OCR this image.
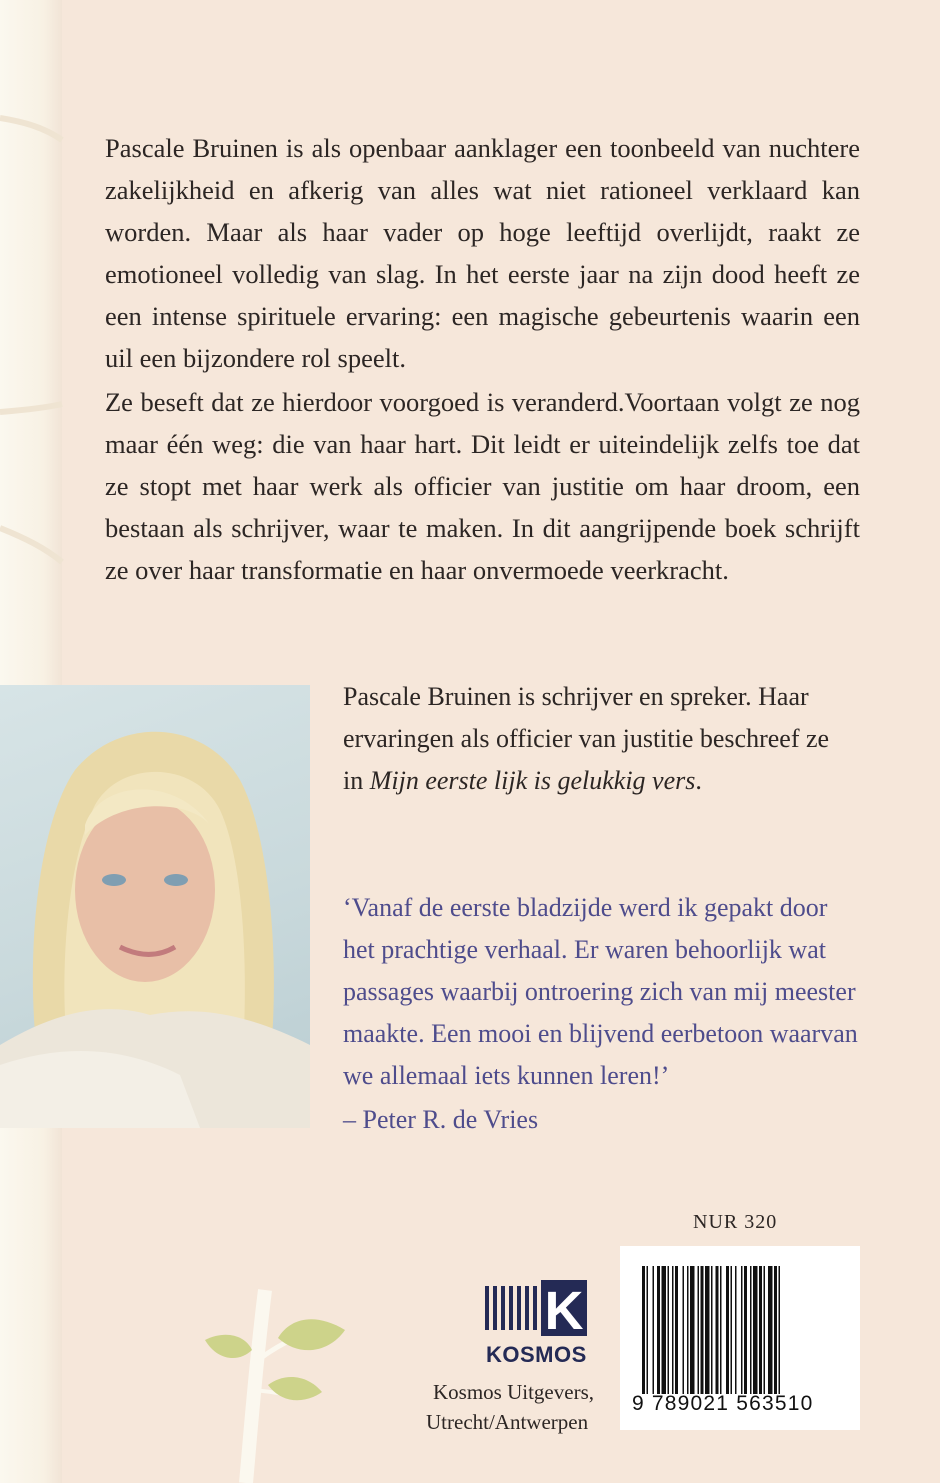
Pascale Bruinen is als openbaar aanklager een toonbeeld van nuchtere zakelijkheid en afkerig van alles wat niet rationeel verklaard kan worden. Maar als haar vader op hoge leeftijd overlijdt, raakt ze emotioneel volledig van slag. In het eerste jaar na zijn dood heeft ze een intense spirituele ervaring: een magische gebeurtenis waarin een uil een bijzondere rol speelt.

Ze beseft dat ze hierdoor voorgoed is veranderd.Voortaan volgt ze nog maar één weg: die van haar hart. Dit leidt er uiteindelijk zelfs toe dat ze stopt met haar werk als officier van justitie om haar droom, een bestaan als schrijver, waar te maken. In dit aangrijpende boek schrijft ze over haar transformatie en haar onvermoede veerkracht.

Pascale Bruinen is schrijver en spreker. Haar ervaringen als officier van justitie beschreef ze in Mijn eerste lijk is gelukkig vers.

‘Vanaf de eerste bladzijde werd ik gepakt door het prachtige verhaal. Er waren behoorlijk wat passages waarbij ontroering zich van mij meester maakte. Een mooi en blijvend eerbetoon waarvan we allemaal iets kunnen leren!’

– Peter R. de Vries

NUR 320
9 789021 563510
K
KOSMOS
Kosmos Uitgevers,
Utrecht/Antwerpen
